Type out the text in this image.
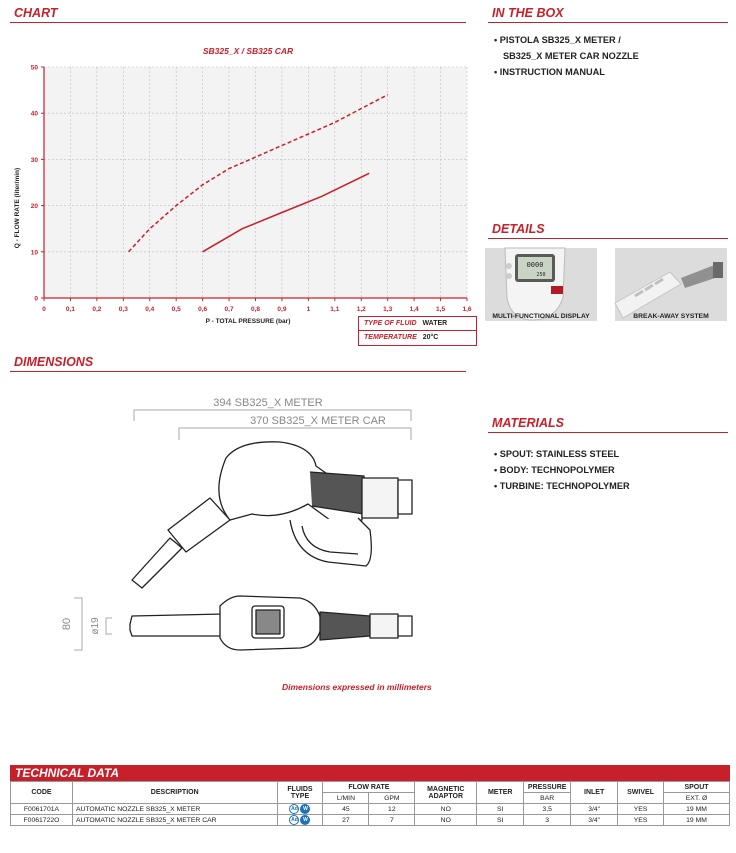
CHART	IN THE BOX
DETAILS
DIMENSIONS
MATERIALS
• PISTOLA SB325_X METER /
SB325_X METER CAR NOZZLE
• INSTRUCTION MANUAL
0000
250
MULTI-FUNCTIONAL DISPLAY	BREAK-AWAY SYSTEM
• SPOUT: STAINLESS STEEL
• BODY: TECHNOPOLYMER
• TURBINE: TECHNOPOLYMER
0	0,1	0,2	0,3	0,4	0,5	0,6	0,7	0,8	0,9	1	1,1	1,2	1,3	1,4	1,5	1,6
0
10
20
30
40
50
SB325_X / SB325 CAR
P - TOTAL PRESSURE (bar)
Q - FLOW RATE (liter/min)
TYPE OF FLUID WATER
TEMPERATURE 20°C
394 SB325_X METER
370 SB325_X METER CAR
80 ø19
Dimensions expressed in millimeters
TECHNICAL DATA
CODE	DESCRIPTION	FLUIDS TYPE	FLOW RATE		MAGNETIC ADAPTOR	METER	PRESSURE	INLET	SWIVEL	SPOUT
			L/MIN	GPM			BAR			EXT. Ø
F0061701A	AUTOMATIC NOZZLE SB325_X METER	Ad W	45	12	NO	SI	3,5	3/4"	YES	19 MM
F0061722O	AUTOMATIC NOZZLE SB325_X METER CAR	Ad W	27	7	NO	SI	3	3/4"	YES	19 MM
